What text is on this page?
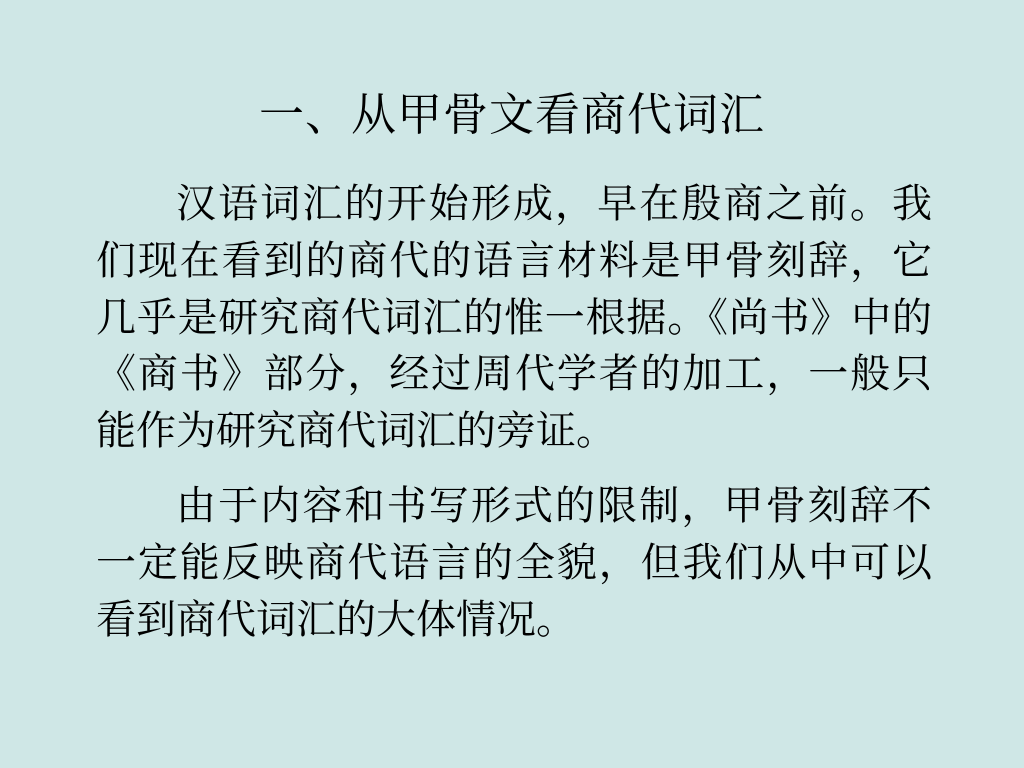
一、从甲骨文看商代词汇
汉语词汇的开始形成，早在殷商之前。我们现在看到的商代的语言材料是甲骨刻辞，它几乎是研究商代词汇的惟一根据。《尚书》中的《商书》部分，经过周代学者的加工，一般只能作为研究商代词汇的旁证。
由于内容和书写形式的限制，甲骨刻辞不一定能反映商代语言的全貌，但我们从中可以看到商代词汇的大体情况。
